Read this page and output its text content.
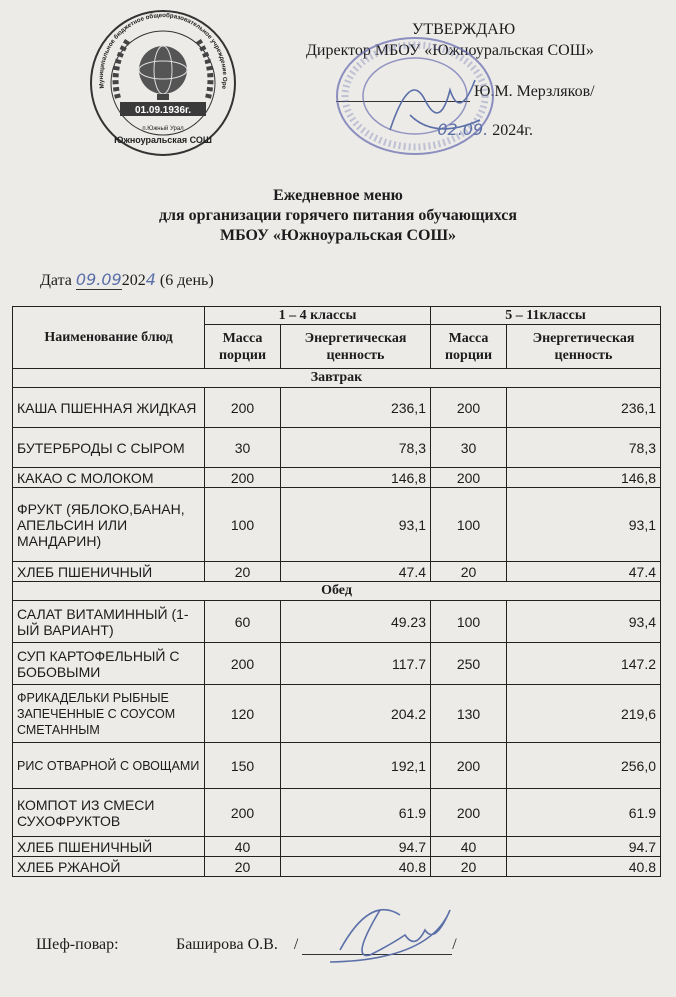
01.09.1936г.
п.Южный Урал
Южноуральская СОШ
Муниципальное бюджетное общеобразовательное учреждение Оре
УТВЕРЖДАЮ
Директор МБОУ «Южноуральская СОШ»
Ю.М. Мерзляков/
02.09. 2024г.
Ежедневное меню
для организации горячего питания обучающихся
МБОУ «Южноуральская СОШ»
Дата 09.092024 (6 день)
Наименование блюд	1 – 4 классы		5 – 11классы	
	Масса порции	Энергетическая ценность	Масса порции	Энергетическая ценность
Завтрак				
КАША ПШЕННАЯ ЖИДКАЯ	200	236,1	200	236,1
БУТЕРБРОДЫ С СЫРОМ	30	78,3	30	78,3
КАКАО С МОЛОКОМ	200	146,8	200	146,8
ФРУКТ (ЯБЛОКО,БАНАН, АПЕЛЬСИН ИЛИ МАНДАРИН)	100	93,1	100	93,1
ХЛЕБ ПШЕНИЧНЫЙ	20	47.4	20	47.4
Обед				
САЛАТ ВИТАМИННЫЙ (1-ЫЙ ВАРИАНТ)	60	49.23	100	93,4
СУП КАРТОФЕЛЬНЫЙ С БОБОВЫМИ	200	117.7	250	147.2
ФРИКАДЕЛЬКИ РЫБНЫЕ ЗАПЕЧЕННЫЕ С СОУСОМ СМЕТАННЫМ	120	204.2	130	219,6
РИС ОТВАРНОЙ С ОВОЩАМИ	150	192,1	200	256,0
КОМПОТ ИЗ СМЕСИ СУХОФРУКТОВ	200	61.9	200	61.9
ХЛЕБ ПШЕНИЧНЫЙ	40	94.7	40	94.7
ХЛЕБ РЖАНОЙ	20	40.8	20	40.8
Шеф-повар:	Баширова О.В. /	/
